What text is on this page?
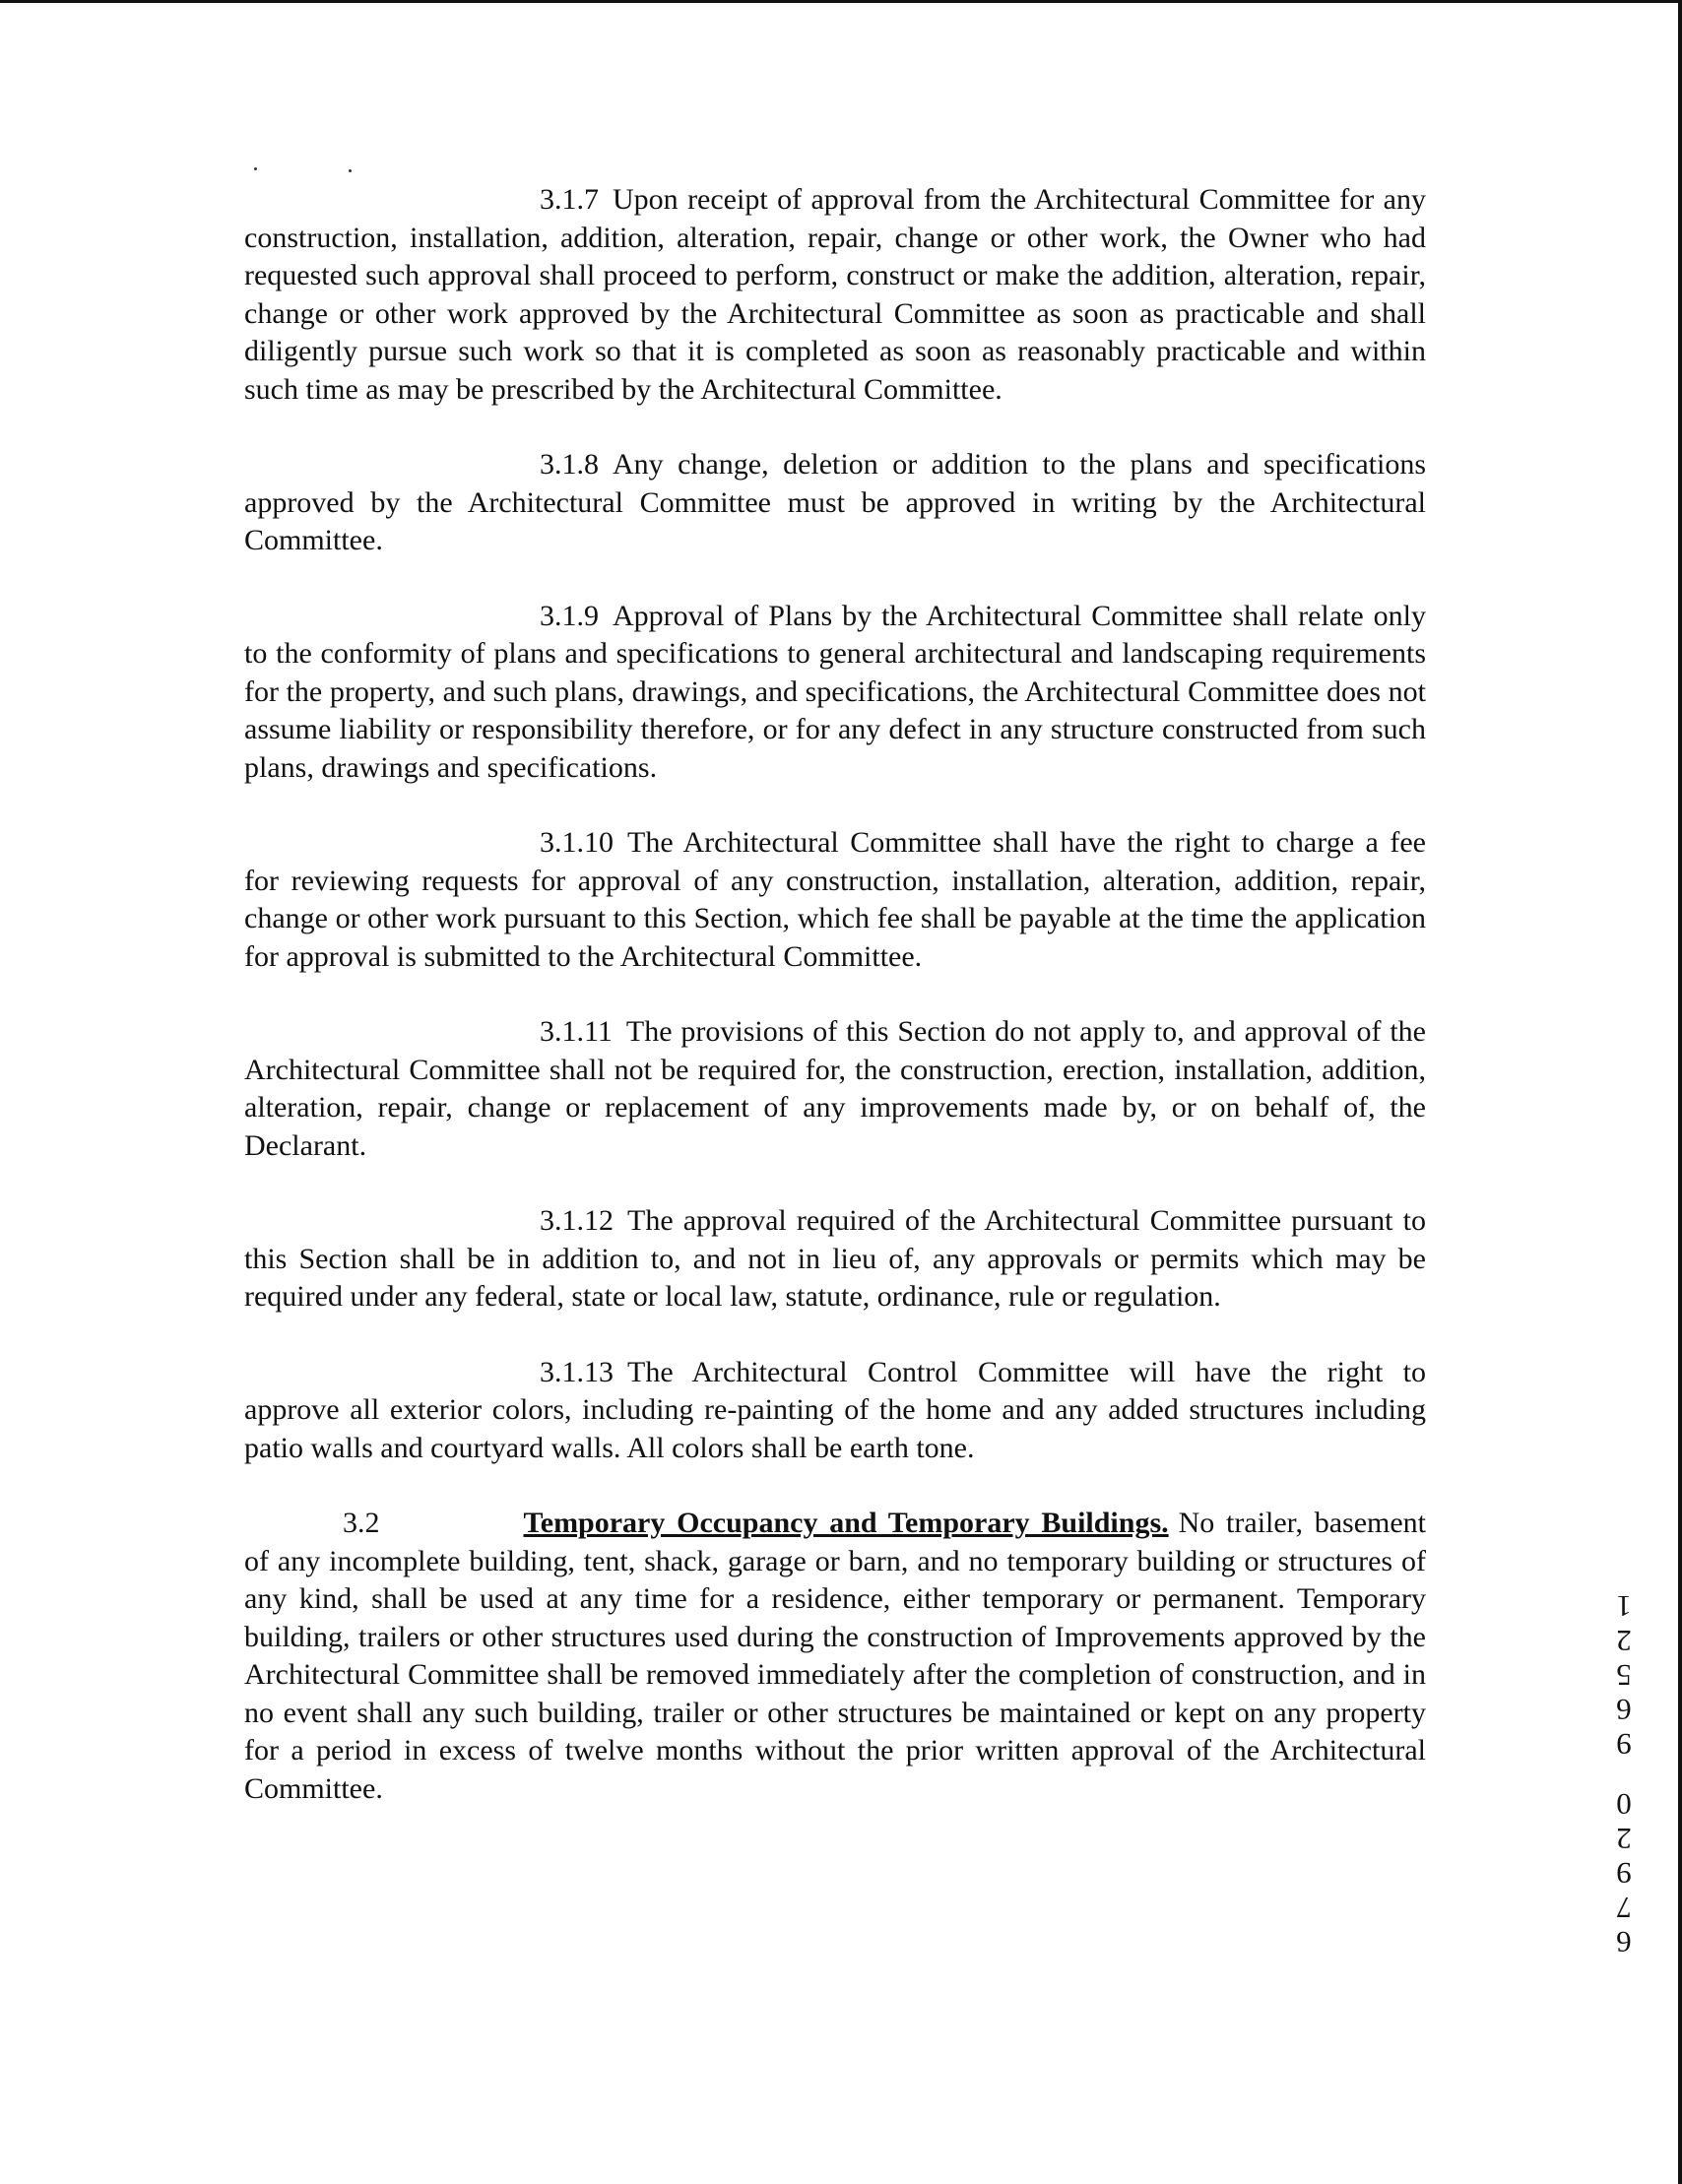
3.1.7 Upon receipt of approval from the Architectural Committee for any construction, installation, addition, alteration, repair, change or other work, the Owner who had requested such approval shall proceed to perform, construct or make the addition, alteration, repair, change or other work approved by the Architectural Committee as soon as practicable and shall diligently pursue such work so that it is completed as soon as reasonably practicable and within such time as may be prescribed by the Architectural Committee.

3.1.8 Any change, deletion or addition to the plans and specifications approved by the Architectural Committee must be approved in writing by the Architectural Committee.

3.1.9 Approval of Plans by the Architectural Committee shall relate only to the conformity of plans and specifications to general architectural and landscaping requirements for the property, and such plans, drawings, and specifications, the Architectural Committee does not assume liability or responsibility therefore, or for any defect in any structure constructed from such plans, drawings and specifications.

3.1.10 The Architectural Committee shall have the right to charge a fee for reviewing requests for approval of any construction, installation, alteration, addition, repair, change or other work pursuant to this Section, which fee shall be payable at the time the application for approval is submitted to the Architectural Committee.

3.1.11 The provisions of this Section do not apply to, and approval of the Architectural Committee shall not be required for, the construction, erection, installation, addition, alteration, repair, change or replacement of any improvements made by, or on behalf of, the Declarant.

3.1.12 The approval required of the Architectural Committee pursuant to this Section shall be in addition to, and not in lieu of, any approvals or permits which may be required under any federal, state or local law, statute, ordinance, rule or regulation.

3.1.13 The Architectural Control Committee will have the right to approve all exterior colors, including re-painting of the home and any added structures including patio walls and courtyard walls. All colors shall be earth tone.

3.2	Temporary Occupancy and Temporary Buildings. No trailer, basement of any incomplete building, tent, shack, garage or barn, and no temporary building or structures of any kind, shall be used at any time for a residence, either temporary or permanent. Temporary building, trailers or other structures used during the construction of Improvements approved by the Architectural Committee shall be removed immediately after the completion of construction, and in no event shall any such building, trailer or other structures be maintained or kept on any property for a period in excess of twelve months without the prior written approval of the Architectural Committee.

6
7
9
2
0
9
6
5
2
1
